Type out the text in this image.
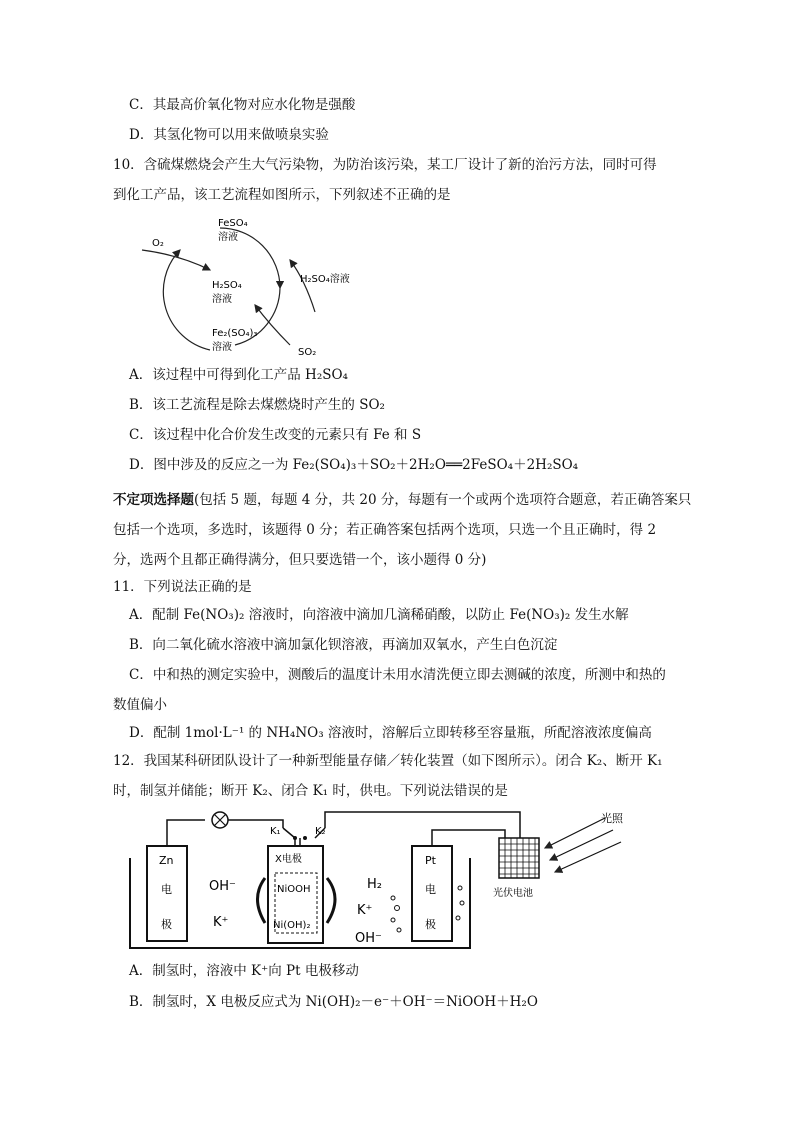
C．其最高价氧化物对应水化物是强酸
D．其氢化物可以用来做喷泉实验
10．含硫煤燃烧会产生大气污染物，为防治该污染，某工厂设计了新的治污方法，同时可得
到化工产品，该工艺流程如图所示，下列叙述不正确的是
FeSO₄
溶液
O₂
H₂SO₄
溶液
H₂SO₄溶液
Fe₂(SO₄)₃
溶液	SO₂
A．该过程中可得到化工产品 H₂SO₄
B．该工艺流程是除去煤燃烧时产生的 SO₂
C．该过程中化合价发生改变的元素只有 Fe 和 S
D．图中涉及的反应之一为 Fe₂(SO₄)₃＋SO₂＋2H₂O══2FeSO₄＋2H₂SO₄
不定项选择题(包括 5 题，每题 4 分，共 20 分，每题有一个或两个选项符合题意，若正确答案只
包括一个选项，多选时，该题得 0 分；若正确答案包括两个选项，只选一个且正确时，得 2
分，选两个且都正确得满分，但只要选错一个，该小题得 0 分)
11．下列说法正确的是
A．配制 Fe(NO₃)₂ 溶液时，向溶液中滴加几滴稀硝酸，以防止 Fe(NO₃)₂ 发生水解
B．向二氧化硫水溶液中滴加氯化钡溶液，再滴加双氧水，产生白色沉淀
C．中和热的测定实验中，测酸后的温度计未用水清洗便立即去测碱的浓度，所测中和热的
数值偏小
D．配制 1mol·L⁻¹ 的 NH₄NO₃ 溶液时，溶解后立即转移至容量瓶，所配溶液浓度偏高
12．我国某科研团队设计了一种新型能量存储／转化装置（如下图所示）。闭合 K₂、断开 K₁
时，制氢并储能；断开 K₂、闭合 K₁ 时，供电。下列说法错误的是
Zn
电
极
OH⁻
K⁺
X电极
NiOOH
Ni(OH)₂
H₂
K⁺
OH⁻
Pt
电
极
K₁	K₂
光伏电池
光照
A．制氢时，溶液中 K⁺向 Pt 电极移动
B．制氢时，X 电极反应式为 Ni(OH)₂－e⁻＋OH⁻＝NiOOH＋H₂O
